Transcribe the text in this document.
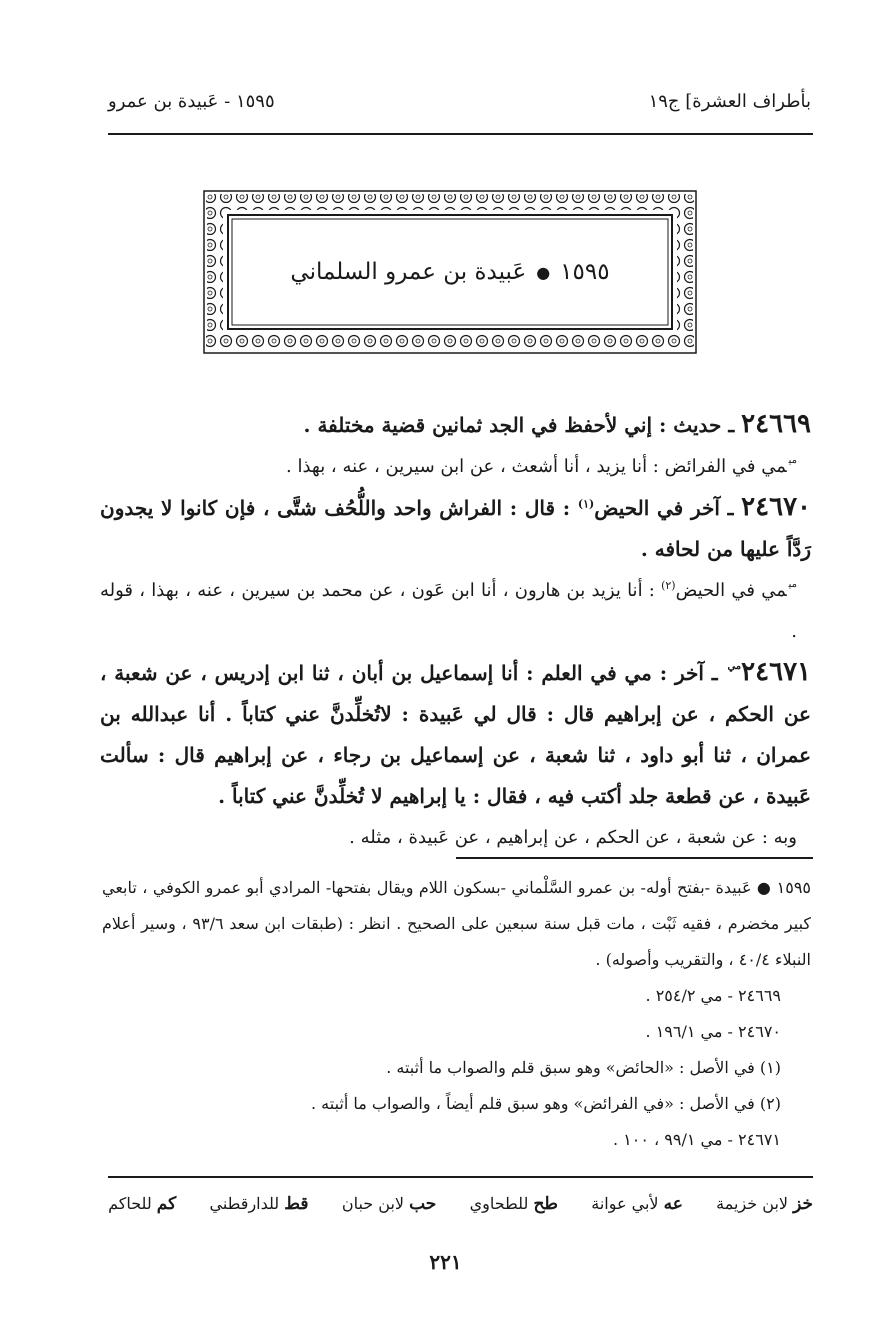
بأطراف العشرة] ج١٩
١٥٩٥ - عَبيدة بن عمرو
١٥٩٥
●
عَبيدة بن عمرو السلماني

٢٤٦٦٩ ـ حديث : إني لأحفظ في الجد ثمانين قضية مختلفة .

$^{مي}$مي في الفرائض : أنا يزيد ، أنا أشعث ، عن ابن سيرين ، عنه ، بهذا .

٢٤٦٧٠ ـ آخر في الحيض$^{(١)}$ : قال : الفراش واحد واللُّحُف شتَّى ، فإن كانوا لا يجدون رَدَّاً عليها من لحافه .

$^{مي}$مي في الحيض$^{(٢)}$ : أنا يزيد بن هارون ، أنا ابن عَون ، عن محمد بن سيرين ، عنه ، بهذا ، قوله .

$٢٤٦٧١^{مي}$ ـ آخر : مي في العلم : أنا إسماعيل بن أبان ، ثنا ابن إدريس ، عن شعبة ، عن الحكم ، عن إبراهيم قال : قال لي عَبيدة : لاتُخلِّدنَّ عني كتاباً . أنا عبدالله بن عمران ، ثنا أبو داود ، ثنا شعبة ، عن إسماعيل بن رجاء ، عن إبراهيم قال : سألت عَبيدة ، عن قطعة جلد أكتب فيه ، فقال : يا إبراهيم لا تُخلِّدنَّ عني كتاباً .

وبه : عن شعبة ، عن الحكم ، عن إبراهيم ، عن عَبيدة ، مثله .

١٥٩٥ ● عَبيدة -بفتح أوله- بن عمرو السَّلْماني -بسكون اللام ويقال بفتحها- المرادي أبو عمرو الكوفي ، تابعي كبير مخضرم ، فقيه ثَبْت ، مات قبل سنة سبعين على الصحيح . انظر : (طبقات ابن سعد ٩٣/٦ ، وسير أعلام النبلاء ٤٠/٤ ، والتقريب وأصوله) .

٢٤٦٦٩ - مي ٢٥٤/٢ .

٢٤٦٧٠ - مي ١٩٦/١ .

(١) في الأصل : «الحائض» وهو سبق قلم والصواب ما أثبته .

(٢) في الأصل : «في الفرائض» وهو سبق قلم أيضاً ، والصواب ما أثبته .

٢٤٦٧١ - مي ٩٩/١ ، ١٠٠ .

خز لابن خزيمة
عه لأبي عوانة
طح للطحاوي
حب لابن حبان
قط للدارقطني
كم للحاكم
٢٢١
